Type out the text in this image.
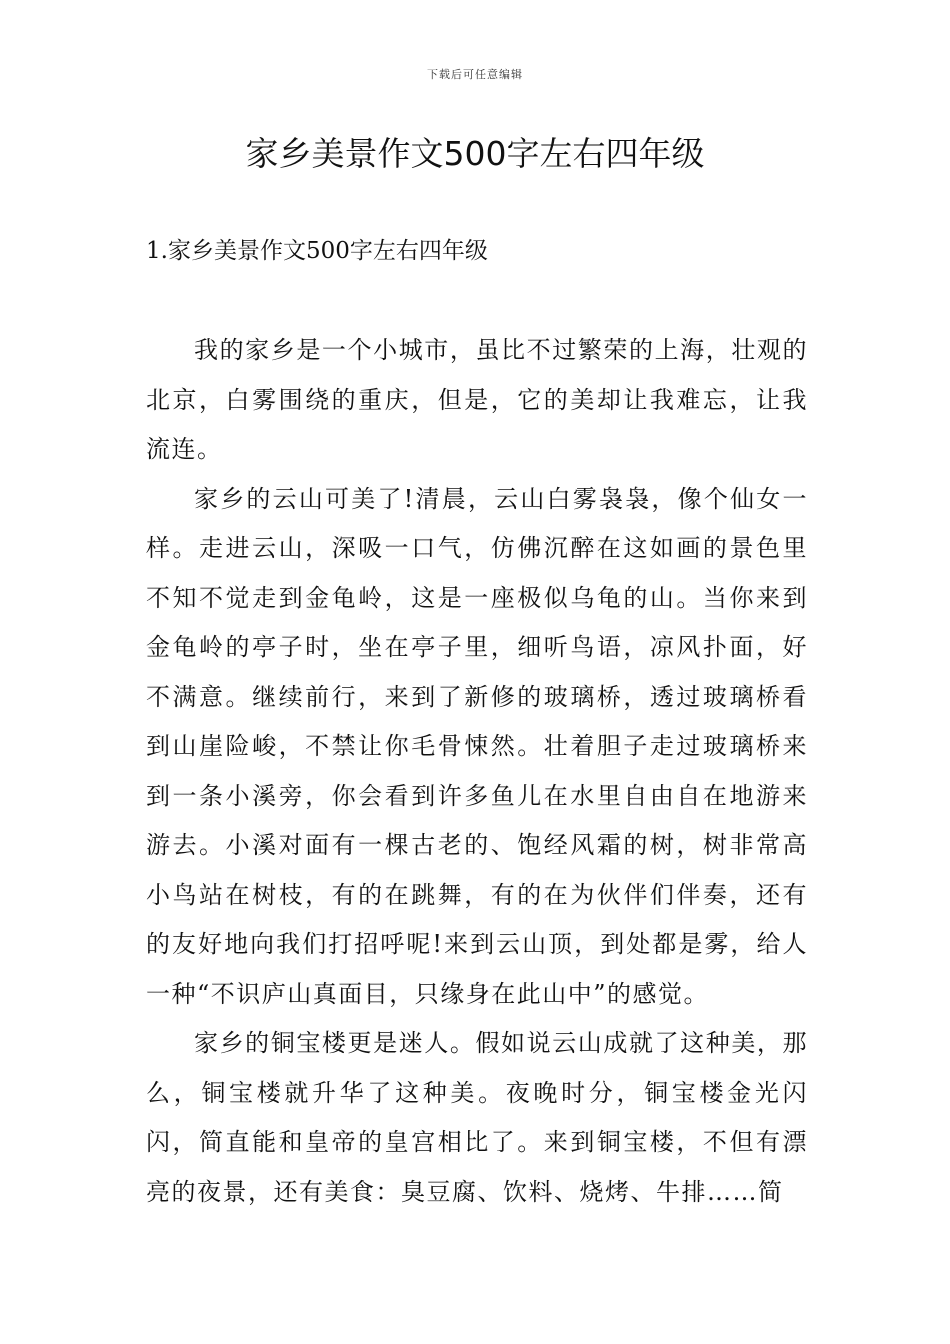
下载后可任意编辑
家乡美景作文500字左右四年级
1.家乡美景作文500字左右四年级

我的家乡是一个小城市，虽比不过繁荣的上海，壮观的北京，白雾围绕的重庆，但是，它的美却让我难忘，让我流连。

家乡的云山可美了!清晨，云山白雾袅袅，像个仙女一样。走进云山，深吸一口气，仿佛沉醉在这如画的景色里不知不觉走到金龟岭，这是一座极似乌龟的山。当你来到金龟岭的亭子时，坐在亭子里，细听鸟语，凉风扑面，好不满意。继续前行，来到了新修的玻璃桥，透过玻璃桥看到山崖险峻，不禁让你毛骨悚然。壮着胆子走过玻璃桥来到一条小溪旁，你会看到许多鱼儿在水里自由自在地游来游去。小溪对面有一棵古老的、饱经风霜的树，树非常高小鸟站在树枝，有的在跳舞，有的在为伙伴们伴奏，还有的友好地向我们打招呼呢!来到云山顶，到处都是雾，给人一种“不识庐山真面目，只缘身在此山中”的感觉。

家乡的铜宝楼更是迷人。假如说云山成就了这种美，那么，铜宝楼就升华了这种美。夜晚时分，铜宝楼金光闪闪，简直能和皇帝的皇宫相比了。来到铜宝楼，不但有漂亮的夜景，还有美食：臭豆腐、饮料、烧烤、牛排……简
